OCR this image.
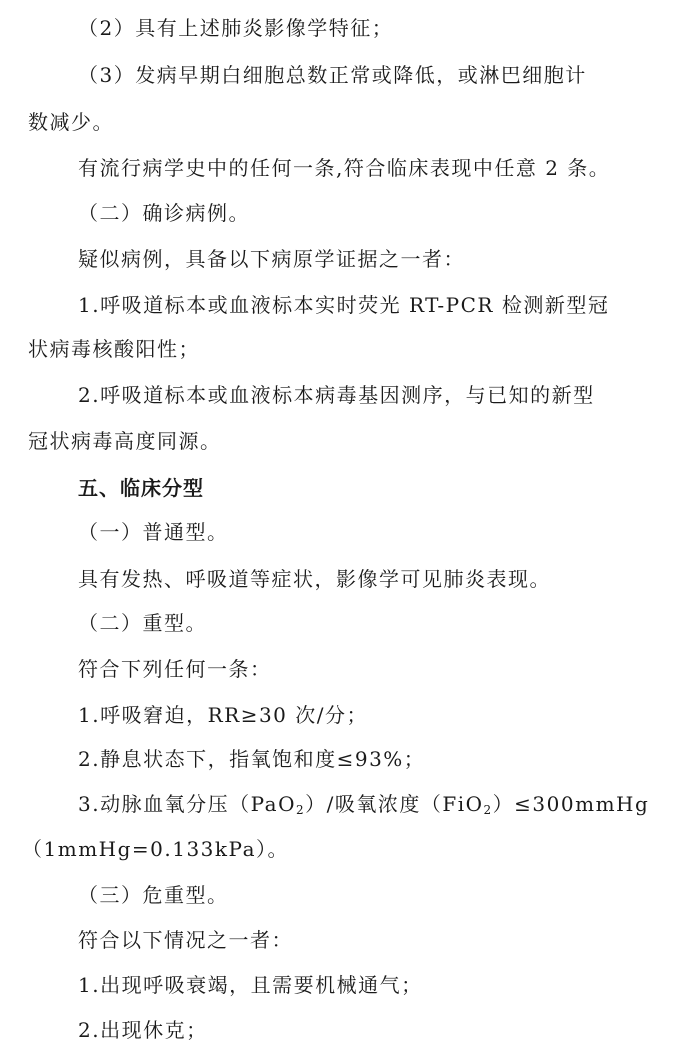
（2）具有上述肺炎影像学特征；
（3）发病早期白细胞总数正常或降低，或淋巴细胞计
数减少。
有流行病学史中的任何一条,符合临床表现中任意 2 条。
（二）确诊病例。
疑似病例，具备以下病原学证据之一者：
1.呼吸道标本或血液标本实时荧光 RT-PCR 检测新型冠
状病毒核酸阳性；
2.呼吸道标本或血液标本病毒基因测序，与已知的新型
冠状病毒高度同源。
五、临床分型
（一）普通型。
具有发热、呼吸道等症状，影像学可见肺炎表现。
（二）重型。
符合下列任何一条：
1.呼吸窘迫，RR≥30 次/分；
2.静息状态下，指氧饱和度≤93%；
3.动脉血氧分压（PaO$_2$）/吸氧浓度（FiO$_2$）≤300mmHg
（1mmHg=0.133kPa）。
（三）危重型。
符合以下情况之一者：
1.出现呼吸衰竭，且需要机械通气；
2.出现休克；
